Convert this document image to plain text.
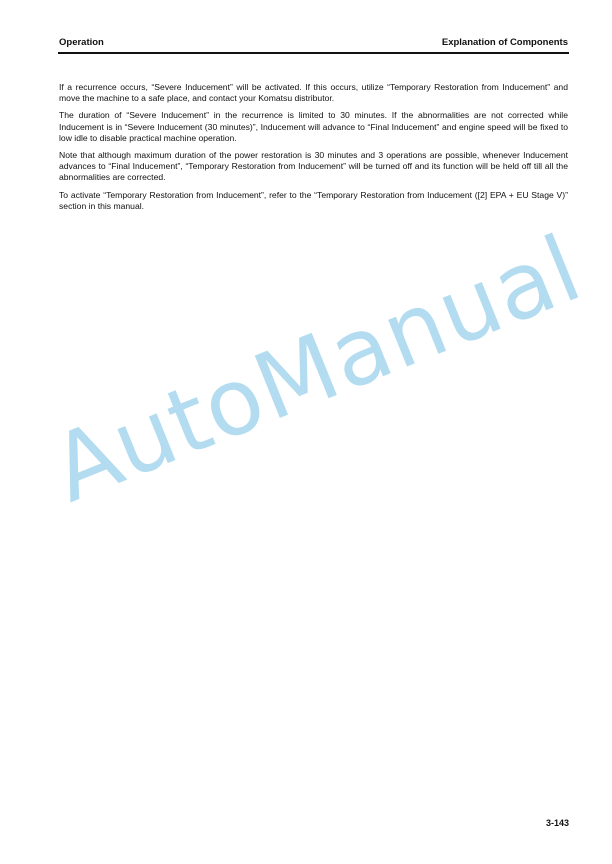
Operation	Explanation of Components

If a recurrence occurs, “Severe Inducement” will be activated. If this occurs, utilize “Temporary Restoration from Inducement” and move the machine to a safe place, and contact your Komatsu distributor.

The duration of “Severe Inducement” in the recurrence is limited to 30 minutes. If the abnormalities are not corrected while Inducement is in “Severe Inducement (30 minutes)”, Inducement will advance to “Final Inducement” and engine speed will be fixed to low idle to disable practical machine operation.

Note that although maximum duration of the power restoration is 30 minutes and 3 operations are possible, whenever Inducement advances to “Final Inducement”, “Temporary Restoration from Inducement” will be turned off and its function will be held off till all the abnormalities are corrected.

To activate “Temporary Restoration from Inducement”, refer to the “Temporary Restoration from Inducement ([2] EPA + EU Stage V)” section in this manual.

AutoManual
3-143
